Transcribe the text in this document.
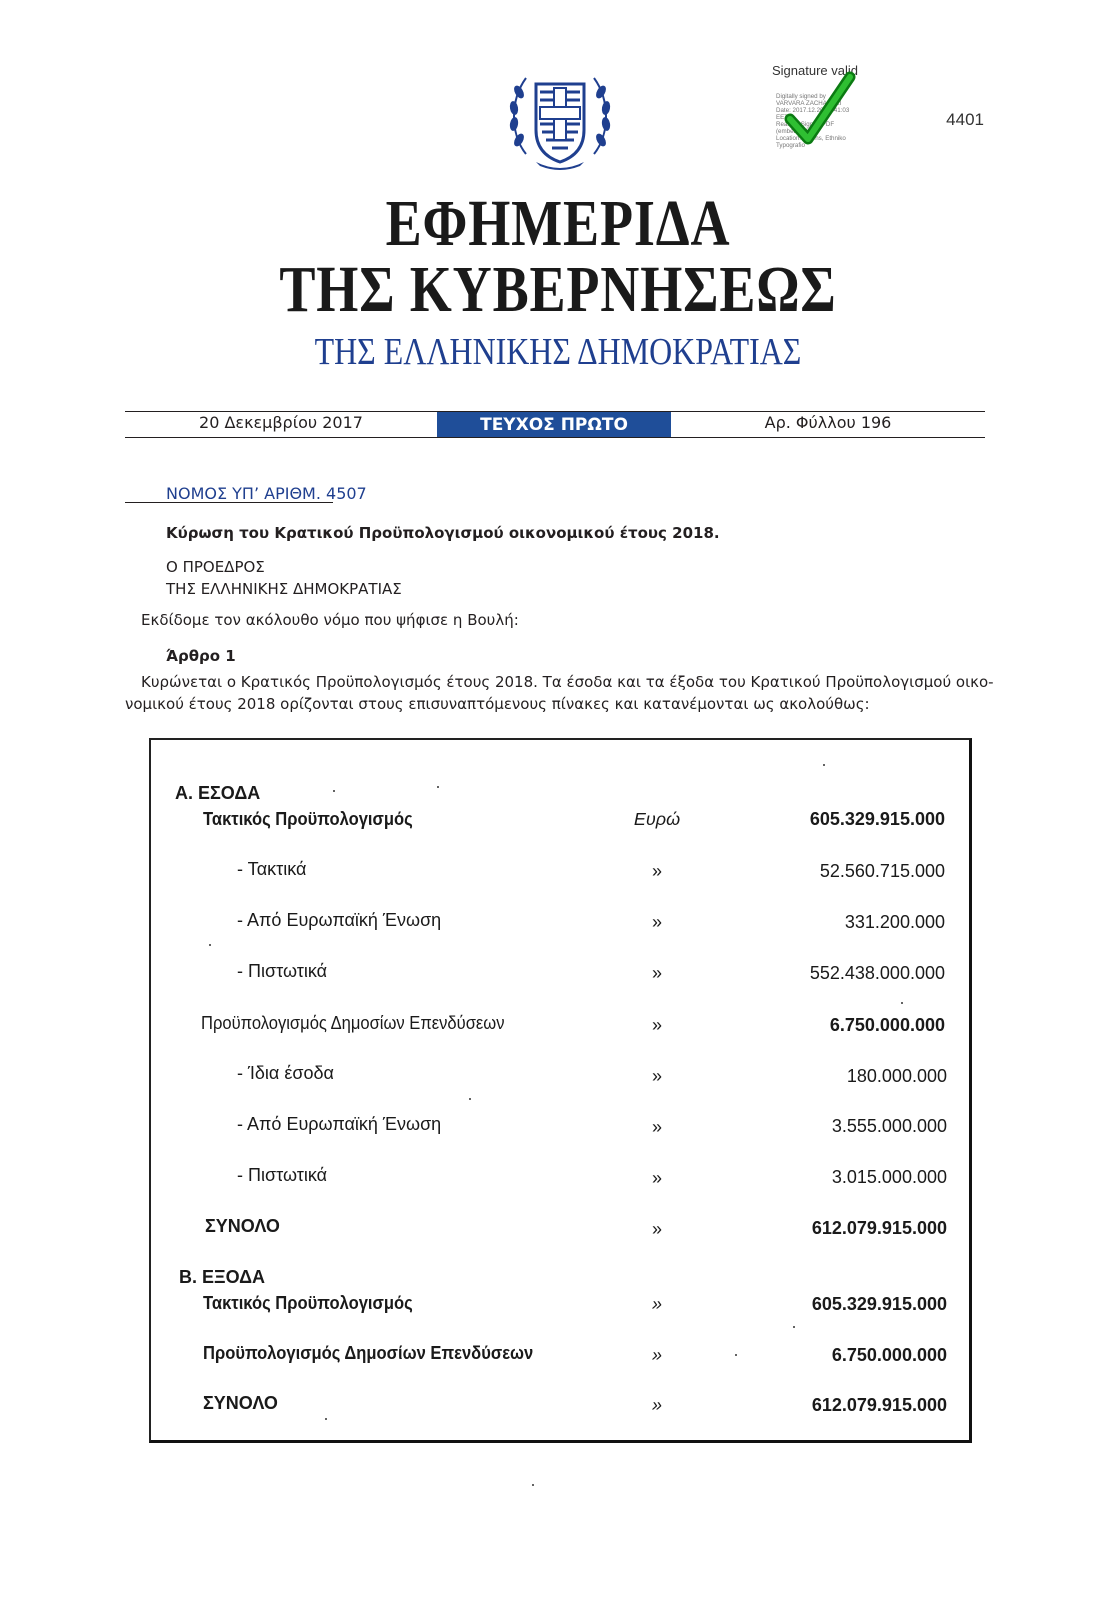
Signature valid
Digitally signed by
VARVARA ZACHARAKI
Date: 2017.12.20 14:41:03
EET
Reason: Signed PDF
(embedded)
Location: Athens, Ethniko
Typografio
4401
ΕΦΗΜΕΡΙΔΑ
ΤΗΣ ΚΥΒΕΡΝΗΣΕΩΣ
ΤΗΣ ΕΛΛΗΝΙΚΗΣ ΔΗΜΟΚΡΑΤΙΑΣ
20 Δεκεμβρίου 2017	ΤΕΥΧΟΣ ΠΡΩΤΟ	Αρ. Φύλλου 196
ΝΟΜΟΣ ΥΠ’ ΑΡΙΘΜ. 4507
Κύρωση του Κρατικού Προϋπολογισμού οικονομικού έτους 2018.
Ο ΠΡΟΕΔΡΟΣ
ΤΗΣ ΕΛΛΗΝΙΚΗΣ ΔΗΜΟΚΡΑΤΙΑΣ
Εκδίδομε τον ακόλουθο νόμο που ψήφισε η Βουλή:
Άρθρο 1
Κυρώνεται ο Κρατικός Προϋπολογισμός έτους 2018. Τα έσοδα και τα έξοδα του Κρατικού Προϋπολογισμού οικο-
νομικού έτους 2018 ορίζονται στους επισυναπτόμενους πίνακες και κατανέμονται ως ακολούθως:
Α. ΕΣΟΔΑ
Τακτικός Προϋπολογισμός	Ευρώ	605.329.915.000
- Τακτικά	»	52.560.715.000
- Από Ευρωπαϊκή Ένωση	»	331.200.000
- Πιστωτικά	»	552.438.000.000
Προϋπολογισμός Δημοσίων Επενδύσεων	»	6.750.000.000
- Ίδια έσοδα	»	180.000.000
- Από Ευρωπαϊκή Ένωση	»	3.555.000.000
- Πιστωτικά	»	3.015.000.000
ΣΥΝΟΛΟ	»	612.079.915.000
Β. ΕΞΟΔΑ
Τακτικός Προϋπολογισμός	»	605.329.915.000
Προϋπολογισμός Δημοσίων Επενδύσεων	»	6.750.000.000
ΣΥΝΟΛΟ	»	612.079.915.000
